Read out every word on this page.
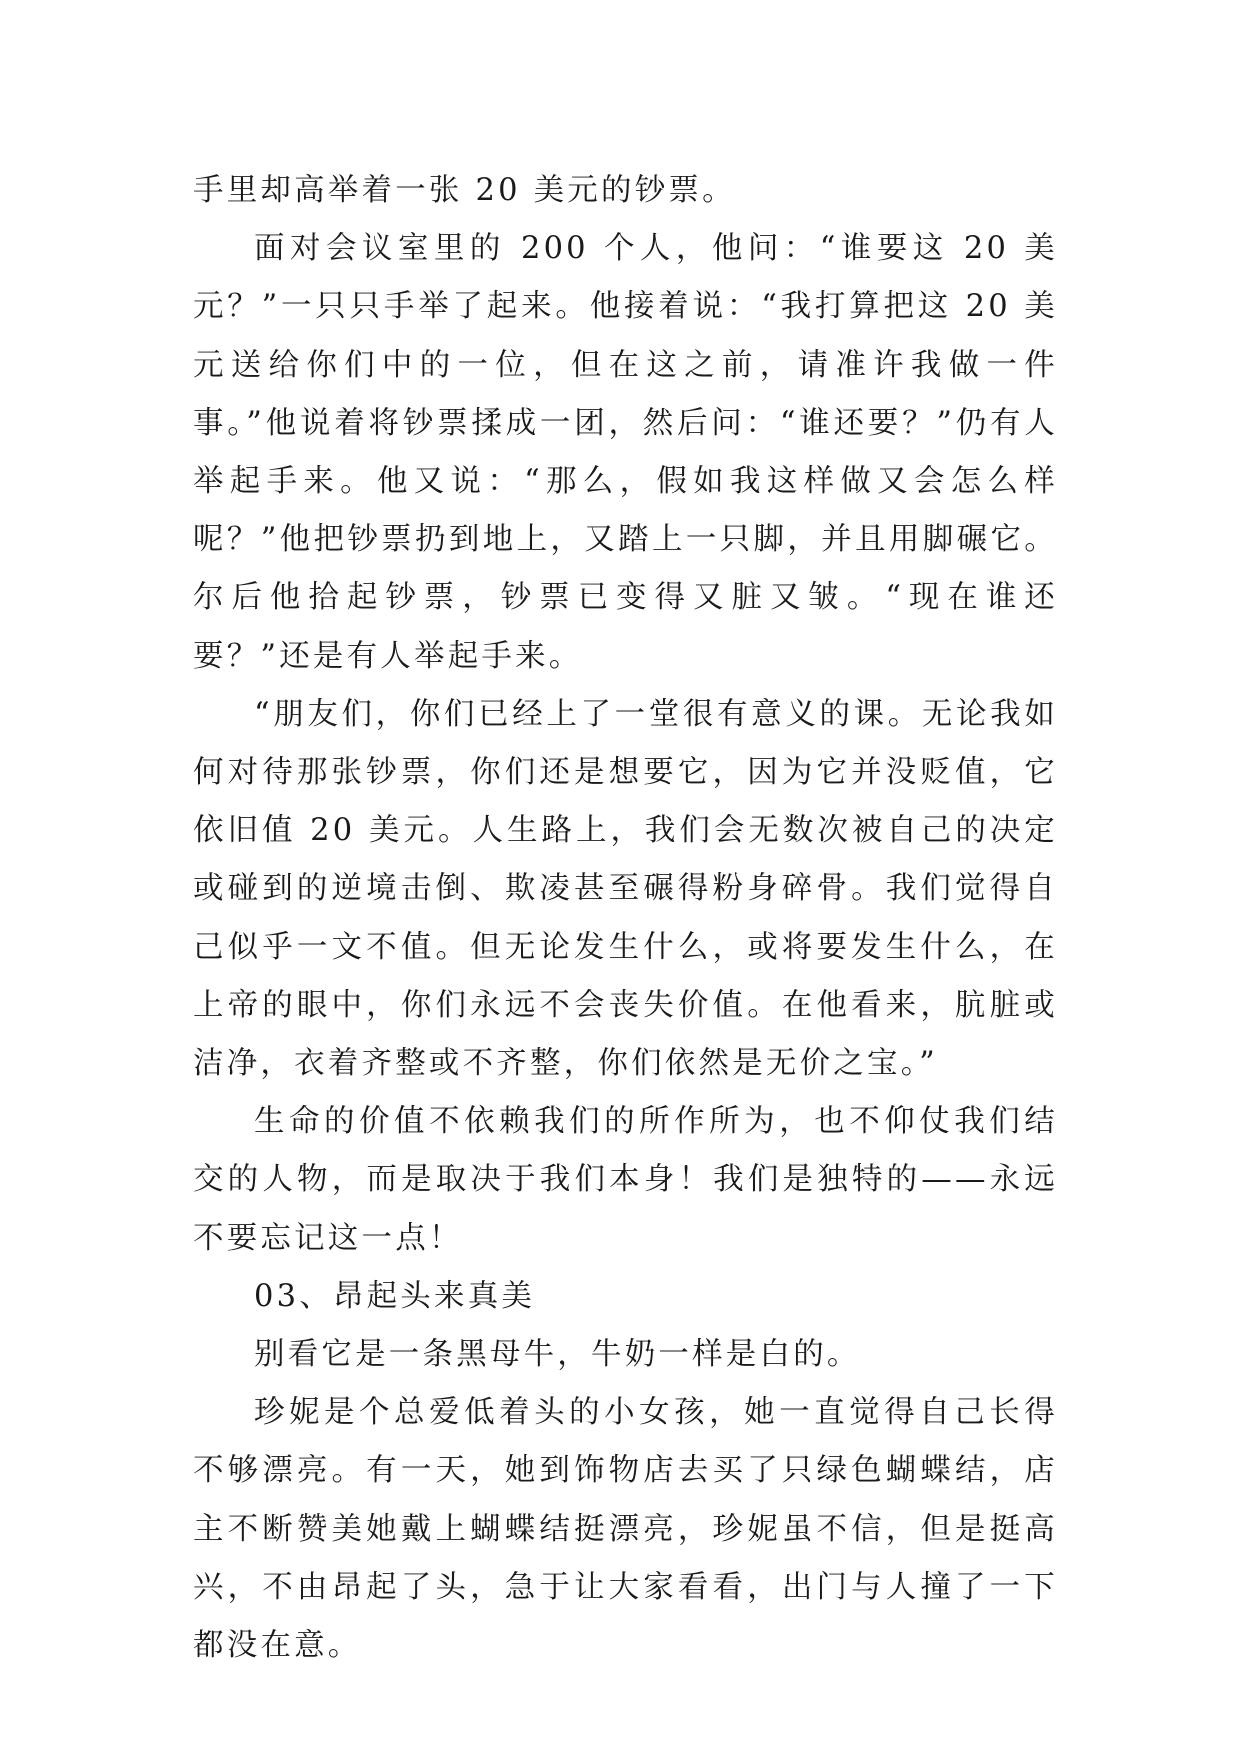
手里却高举着一张 20 美元的钞票。

面对会议室里的 200 个人，他问：“谁要这 20 美元？”一只只手举了起来。他接着说：“我打算把这 20 美元送给你们中的一位，但在这之前，请准许我做一件事。”他说着将钞票揉成一团，然后问：“谁还要？”仍有人举起手来。他又说：“那么，假如我这样做又会怎么样呢？”他把钞票扔到地上，又踏上一只脚，并且用脚碾它。尔后他拾起钞票，钞票已变得又脏又皱。“现在谁还要？”还是有人举起手来。

“朋友们，你们已经上了一堂很有意义的课。无论我如何对待那张钞票，你们还是想要它，因为它并没贬值，它依旧值 20 美元。人生路上，我们会无数次被自己的决定或碰到的逆境击倒、欺凌甚至碾得粉身碎骨。我们觉得自己似乎一文不值。但无论发生什么，或将要发生什么，在上帝的眼中，你们永远不会丧失价值。在他看来，肮脏或洁净，衣着齐整或不齐整，你们依然是无价之宝。”

生命的价值不依赖我们的所作所为，也不仰仗我们结交的人物，而是取决于我们本身！我们是独特的——永远不要忘记这一点！

03、昂起头来真美

别看它是一条黑母牛，牛奶一样是白的。

珍妮是个总爱低着头的小女孩，她一直觉得自己长得不够漂亮。有一天，她到饰物店去买了只绿色蝴蝶结，店主不断赞美她戴上蝴蝶结挺漂亮，珍妮虽不信，但是挺高兴，不由昂起了头，急于让大家看看，出门与人撞了一下都没在意。
